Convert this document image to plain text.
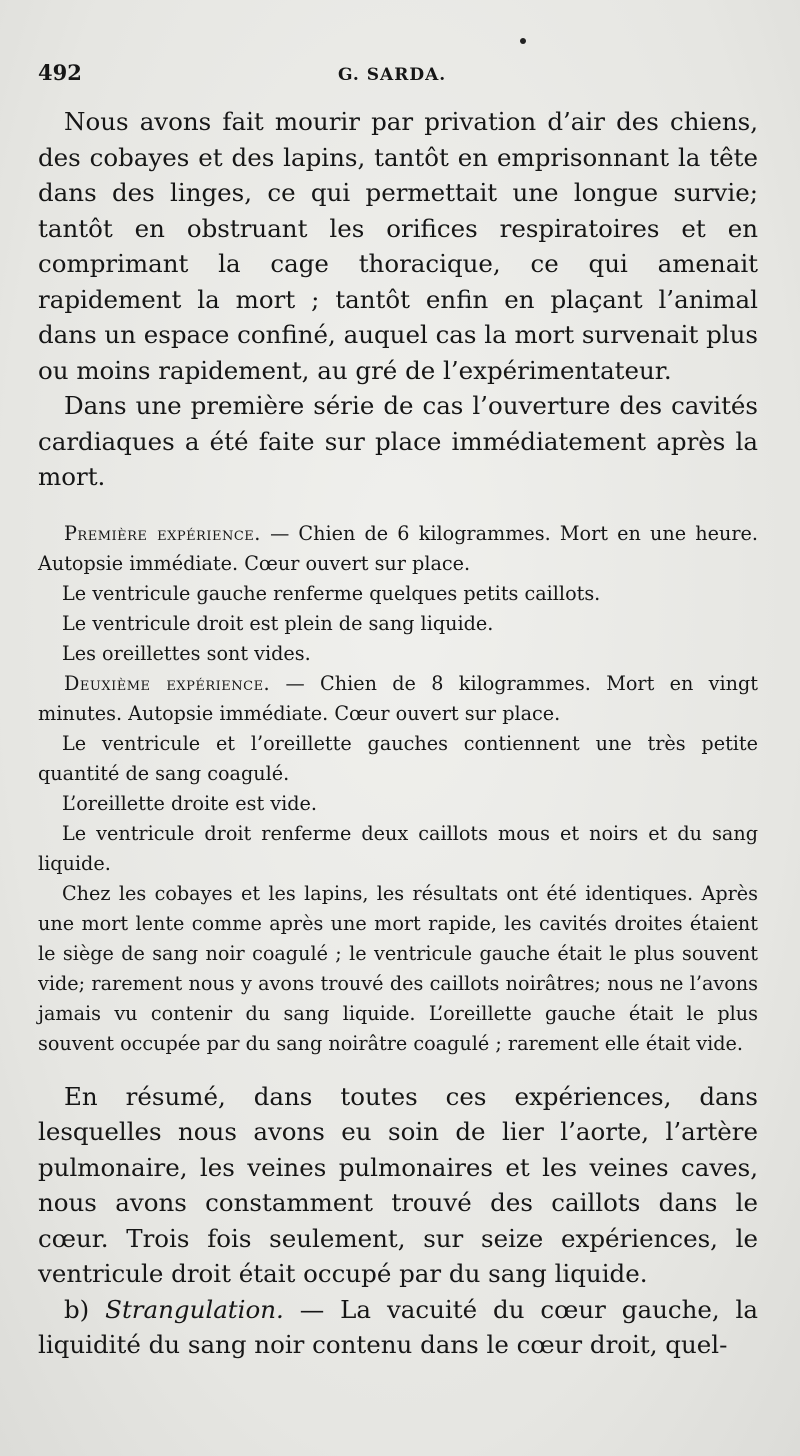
492	G. SARDA.

Nous avons fait mourir par privation d’air des chiens, des cobayes et des lapins, tantôt en emprisonnant la tête dans des linges, ce qui permettait une longue survie; tantôt en obstruant les orifices respiratoires et en comprimant la cage thoracique, ce qui amenait rapidement la mort ; tantôt enfin en plaçant l’animal dans un espace confiné, auquel cas la mort survenait plus ou moins rapidement, au gré de l’expérimentateur.

Dans une première série de cas l’ouverture des cavités cardiaques a été faite sur place immédiatement après la mort.

Première expérience. — Chien de 6 kilogrammes. Mort en une heure. Autopsie immédiate. Cœur ouvert sur place.

Le ventricule gauche renferme quelques petits caillots.

Le ventricule droit est plein de sang liquide.

Les oreillettes sont vides.

Deuxième expérience. — Chien de 8 kilogrammes. Mort en vingt minutes. Autopsie immédiate. Cœur ouvert sur place.

Le ventricule et l’oreillette gauches contiennent une très petite quantité de sang coagulé.

L’oreillette droite est vide.

Le ventricule droit renferme deux caillots mous et noirs et du sang liquide.

Chez les cobayes et les lapins, les résultats ont été identiques. Après une mort lente comme après une mort rapide, les cavités droites étaient le siège de sang noir coagulé ; le ventricule gauche était le plus souvent vide; rarement nous y avons trouvé des caillots noirâtres; nous ne l’avons jamais vu contenir du sang liquide. L’oreillette gauche était le plus souvent occupée par du sang noirâtre coagulé ; rarement elle était vide.

En résumé, dans toutes ces expériences, dans lesquelles nous avons eu soin de lier l’aorte, l’artère pulmonaire, les veines pulmonaires et les veines caves, nous avons constamment trouvé des caillots dans le cœur. Trois fois seulement, sur seize expériences, le ventricule droit était occupé par du sang liquide.

b) Strangulation. — La vacuité du cœur gauche, la liquidité du sang noir contenu dans le cœur droit, quel-
